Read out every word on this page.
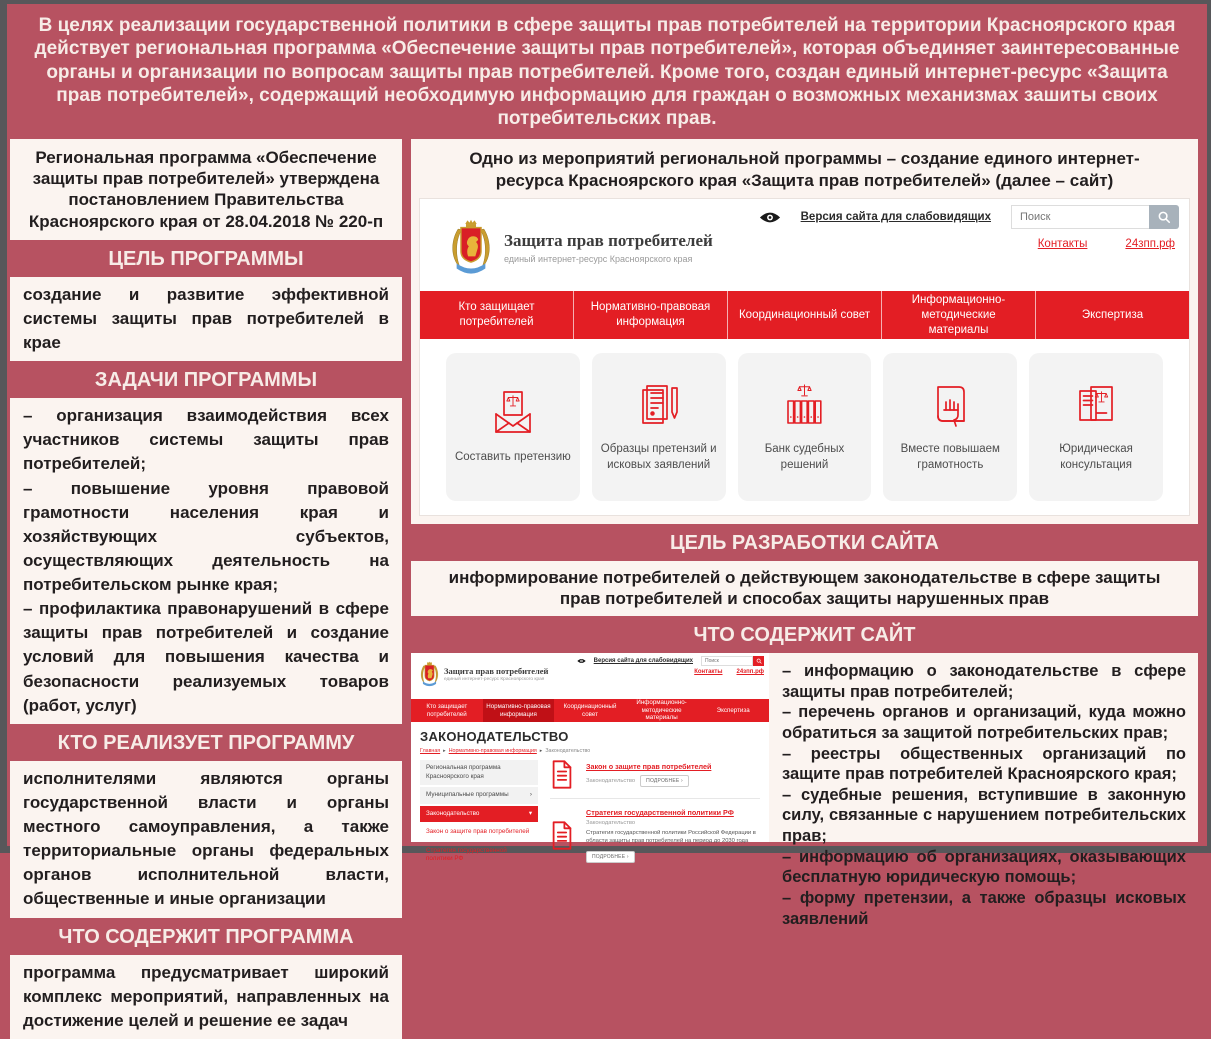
В целях реализации государственной политики в сфере защиты прав потребителей на территории Красноярского края действует региональная программа «Обеспечение защиты прав потребителей», которая объединяет заинтересованные органы и организации по вопросам защиты прав потребителей. Кроме того, создан единый интернет-ресурс «Защита прав потребителей», содержащий необходимую информацию для граждан о возможных механизмах зашиты своих потребительских прав.
Региональная программа «Обеспечение защиты прав потребителей» утверждена постановлением Правительства Красноярского края от 28.04.2018 № 220-п
ЦЕЛЬ ПРОГРАММЫ
создание и развитие эффективной системы защиты прав потребителей в крае
ЗАДАЧИ ПРОГРАММЫ
– организация взаимодействия всех участников системы защиты прав потребителей;
– повышение уровня правовой грамотности населения края и хозяйствующих субъектов, осуществляющих деятельность на потребительском рынке края;
– профилактика правонарушений в сфере защиты прав потребителей и создание условий для повышения качества и безопасности реализуемых товаров (работ, услуг)
КТО РЕАЛИЗУЕТ ПРОГРАММУ
исполнителями являются органы государственной власти и органы местного самоуправления, а также территориальные органы федеральных органов исполнительной власти, общественные и иные организации
ЧТО СОДЕРЖИТ ПРОГРАММА
программа предусматривает широкий комплекс мероприятий, направленных на достижение целей и решение ее задач
Одно из мероприятий региональной программы – создание единого интернет-ресурса Красноярского края «Защита прав потребителей» (далее – сайт)
Защита прав потребителей
единый интернет-ресурс Красноярского края
Версия сайта для слабовидящих
Поиск
Контакты	24зпп.рф
Кто защищает потребителей
Нормативно-правовая информация
Координационный совет
Информационно-методические материалы
Экспертиза
Составить претензию
Образцы претензий и исковых заявлений
Банк судебных решений
Вместе повышаем грамотность
Юридическая консультация
ЦЕЛЬ РАЗРАБОТКИ САЙТА
информирование потребителей о действующем законодательстве в сфере защиты прав потребителей и способах защиты нарушенных прав
ЧТО СОДЕРЖИТ САЙТ
Защита прав потребителей
единый интернет-ресурс Красноярского края
Версия сайта для слабовидящих
Поиск
Контакты 24зпп.рф
Кто защищает потребителей
Нормативно-правовая информация
Координационный совет
Информационно-методические материалы
Экспертиза
ЗАКОНОДАТЕЛЬСТВО
Главная ▸ Нормативно-правовая информация ▸ Законодательство
Региональная программа Красноярского края
Муниципальные программы	›
Законодательство	▾
Закон о защите прав потребителей
Стратегия государственной политики РФ
Закон о защите прав потребителей
Законодательство	ПОДРОБНЕЕ ›
Стратегия государственной политики РФ
Законодательство
Стратегия государственной политики Российской Федерации в области защиты прав потребителей на период до 2030 года
ПОДРОБНЕЕ ›
– информацию о законодательстве в сфере защиты прав потребителей;
– перечень органов и организаций, куда можно обратиться за защитой потребительских прав;
– реестры общественных организаций по защите прав потребителей Красноярского края;
– судебные решения, вступившие в законную силу, связанные с нарушением потребительских прав;
– информацию об организациях, оказывающих бесплатную юридическую помощь;
– форму претензии, а также образцы исковых заявлений
